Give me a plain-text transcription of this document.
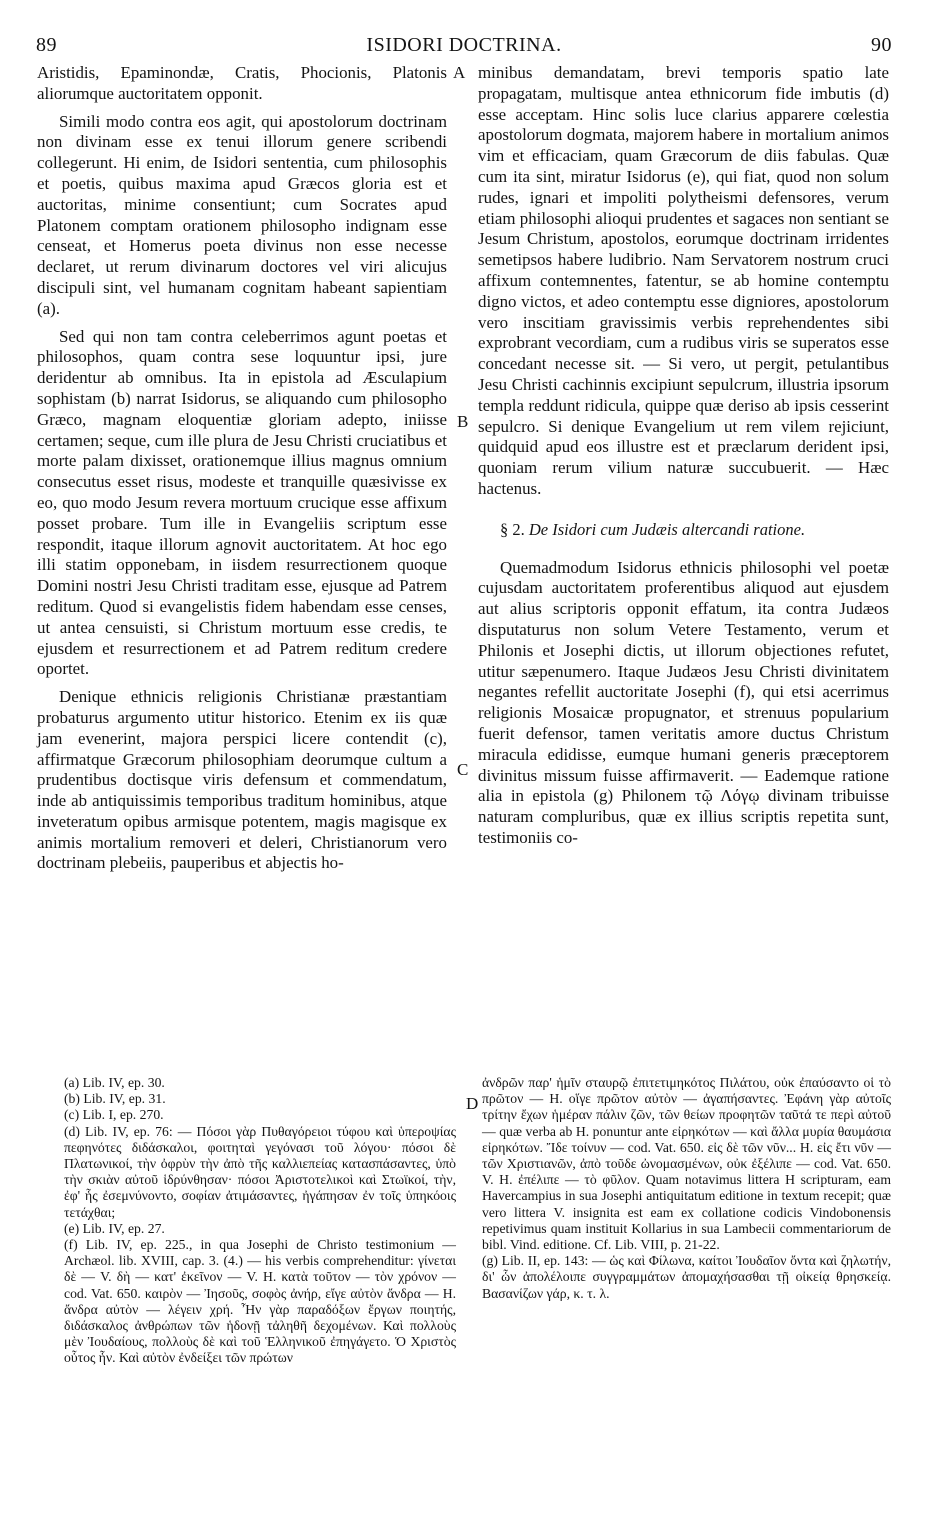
89	ISIDORI DOCTRINA.	90

Aristidis, Epaminondæ, Cratis, Phocionis, Platonis aliorumque auctoritatem opponit.

Simili modo contra eos agit, qui apostolorum doctrinam non divinam esse ex tenui illorum genere scribendi collegerunt. Hi enim, de Isidori sententia, cum philosophis et poetis, quibus maxima apud Græcos gloria est et auctoritas, minime consentiunt; cum Socrates apud Platonem comptam orationem philosopho indignam esse censeat, et Homerus poeta divinus non esse necesse declaret, ut rerum divinarum doctores vel viri alicujus discipuli sint, vel humanam cognitam habeant sapientiam (a).

Sed qui non tam contra celeberrimos agunt poetas et philosophos, quam contra sese loquuntur ipsi, jure deridentur ab omnibus. Ita in epistola ad Æsculapium sophistam (b) narrat Isidorus, se aliquando cum philosopho Græco, magnam eloquentiæ gloriam adepto, iniisse certamen; seque, cum ille plura de Jesu Christi cruciatibus et morte palam dixisset, orationemque illius magnus omnium consecutus esset risus, modeste et tranquille quæsivisse ex eo, quo modo Jesum revera mortuum crucique esse affixum posset probare. Tum ille in Evangeliis scriptum esse respondit, itaque illorum agnovit auctoritatem. At hoc ego illi statim opponebam, in iisdem resurrectionem quoque Domini nostri Jesu Christi traditam esse, ejusque ad Patrem reditum. Quod si evangelistis fidem habendam esse censes, ut antea censuisti, si Christum mortuum esse credis, te ejusdem et resurrectionem et ad Patrem reditum credere oportet.

Denique ethnicis religionis Christianæ præstantiam probaturus argumento utitur historico. Etenim ex iis quæ jam evenerint, majora perspici licere contendit (c), affirmatque Græcorum philosophiam deorumque cultum a prudentibus doctisque viris defensum et commendatum, inde ab antiquissimis temporibus traditum hominibus, atque inveteratum opibus armisque potentem, magis magisque ex animis mortalium removeri et deleri, Christianorum vero doctrinam plebeiis, pauperibus et abjectis ho-

A
B
C
D

minibus demandatam, brevi temporis spatio late propagatam, multisque antea ethnicorum fide imbutis (d) esse acceptam. Hinc solis luce clarius apparere cœlestia apostolorum dogmata, majorem habere in mortalium animos vim et efficaciam, quam Græcorum de diis fabulas. Quæ cum ita sint, miratur Isidorus (e), qui fiat, quod non solum rudes, ignari et impoliti polytheismi defensores, verum etiam philosophi alioqui prudentes et sagaces non sentiant se Jesum Christum, apostolos, eorumque doctrinam irridentes semetipsos habere ludibrio. Nam Servatorem nostrum cruci affixum contemnentes, fatentur, se ab homine contemptu digno victos, et adeo contemptu esse digniores, apostolorum vero inscitiam gravissimis verbis reprehendentes sibi exprobrant vecordiam, cum a rudibus viris se superatos esse concedant necesse sit. — Si vero, ut pergit, petulantibus Jesu Christi cachinnis excipiunt sepulcrum, illustria ipsorum templa reddunt ridicula, quippe quæ deriso ab ipsis cesserint sepulcro. Si denique Evangelium ut rem vilem rejiciunt, quidquid apud eos illustre est et præclarum derident ipsi, quoniam rerum vilium naturæ succubuerit. — Hæc hactenus.

§ 2. De Isidori cum Judæis altercandi ratione.

Quemadmodum Isidorus ethnicis philosophi vel poetæ cujusdam auctoritatem proferentibus aliquod aut ejusdem aut alius scriptoris opponit effatum, ita contra Judæos disputaturus non solum Vetere Testamento, verum et Philonis et Josephi dictis, ut illorum objectiones refutet, utitur sæpenumero. Itaque Judæos Jesu Christi divinitatem negantes refellit auctoritate Josephi (f), qui etsi acerrimus religionis Mosaicæ propugnator, et strenuus popularium fuerit defensor, tamen veritatis amore ductus Christum miracula edidisse, eumque humani generis præceptorem divinitus missum fuisse affirmaverit. — Eademque ratione alia in epistola (g) Philonem τῷ Λόγῳ divinam tribuisse naturam compluribus, quæ ex illius scriptis repetita sunt, testimoniis co-

(a) Lib. IV, ep. 30.

(b) Lib. IV, ep. 31.

(c) Lib. I, ep. 270.

(d) Lib. IV, ep. 76: — Πόσοι γὰρ Πυθαγόρειοι τύφου καὶ ὑπεροψίας πεφηνότες διδάσκαλοι, φοιτηταὶ γεγόνασι τοῦ λόγου· πόσοι δὲ Πλατωνικοί, τὴν ὀφρὺν τὴν ἀπὸ τῆς καλλιεπείας κατασπάσαντες, ὑπὸ τὴν σκιὰν αὐτοῦ ἱδρύνθησαν· πόσοι Ἀριστοτελικοὶ καὶ Στωϊκοί, τὴν, ἐφ' ἧς ἐσεμνύνοντο, σοφίαν ἀτιμάσαντες, ἠγάπησαν ἐν τοῖς ὑπηκόοις τετάχθαι;

(e) Lib. IV, ep. 27.

(f) Lib. IV, ep. 225., in qua Josephi de Christo testimonium — Archæol. lib. XVIII, cap. 3. (4.) — his verbis comprehenditur: γίνεται δὲ — V. δὴ — κατ' ἐκεῖνον — V. H. κατὰ τοῦτον — τὸν χρόνον — cod. Vat. 650. καιρὸν — Ἰησοῦς, σοφὸς ἀνήρ, εἴγε αὐτὸν ἄνδρα — H. ἄνδρα αὐτὸν — λέγειν χρή. Ἦν γὰρ παραδόξων ἔργων ποιητής, διδάσκαλος ἀνθρώπων τῶν ἡδονῇ τἀληθῆ δεχομένων. Καὶ πολλοὺς μὲν Ἰουδαίους, πολλοὺς δὲ καὶ τοῦ Ἑλληνικοῦ ἐπηγάγετο. Ὁ Χριστὸς οὗτος ἦν. Καὶ αὐτὸν ἐνδείξει τῶν πρώτων

ἀνδρῶν παρ' ἡμῖν σταυρῷ ἐπιτετιμηκότος Πιλάτου, οὐκ ἐπαύσαντο οἱ τὸ πρῶτον — H. οἵγε πρῶτον αὐτὸν — ἀγαπήσαντες. Ἐφάνη γὰρ αὐτοῖς τρίτην ἔχων ἡμέραν πάλιν ζῶν, τῶν θείων προφητῶν ταῦτά τε περὶ αὐτοῦ — quæ verba ab H. ponuntur ante εἰρηκότων — καὶ ἄλλα μυρία θαυμάσια εἰρηκότων. Ἴδε τοίνυν — cod. Vat. 650. εἰς δὲ τῶν νῦν... H. εἰς ἔτι νῦν — τῶν Χριστιανῶν, ἀπὸ τοῦδε ὠνομασμένων, οὐκ ἐξέλιπε — cod. Vat. 650. V. H. ἐπέλιπε — τὸ φῦλον. Quam notavimus littera H scripturam, eam Havercampius in sua Josephi antiquitatum editione in textum recepit; quæ vero littera V. insignita est eam ex collatione codicis Vindobonensis repetivimus quam instituit Kollarius in sua Lambecii commentariorum de bibl. Vind. editione. Cf. Lib. VIII, p. 21-22.

(g) Lib. II, ep. 143: — ὡς καὶ Φίλωνα, καίτοι Ἰουδαῖον ὄντα καὶ ζηλωτήν, δι' ὧν ἀπολέλοιπε συγγραμμάτων ἀπομαχήσασθαι τῇ οἰκείᾳ θρησκείᾳ. Βασανίζων γάρ, κ. τ. λ.
